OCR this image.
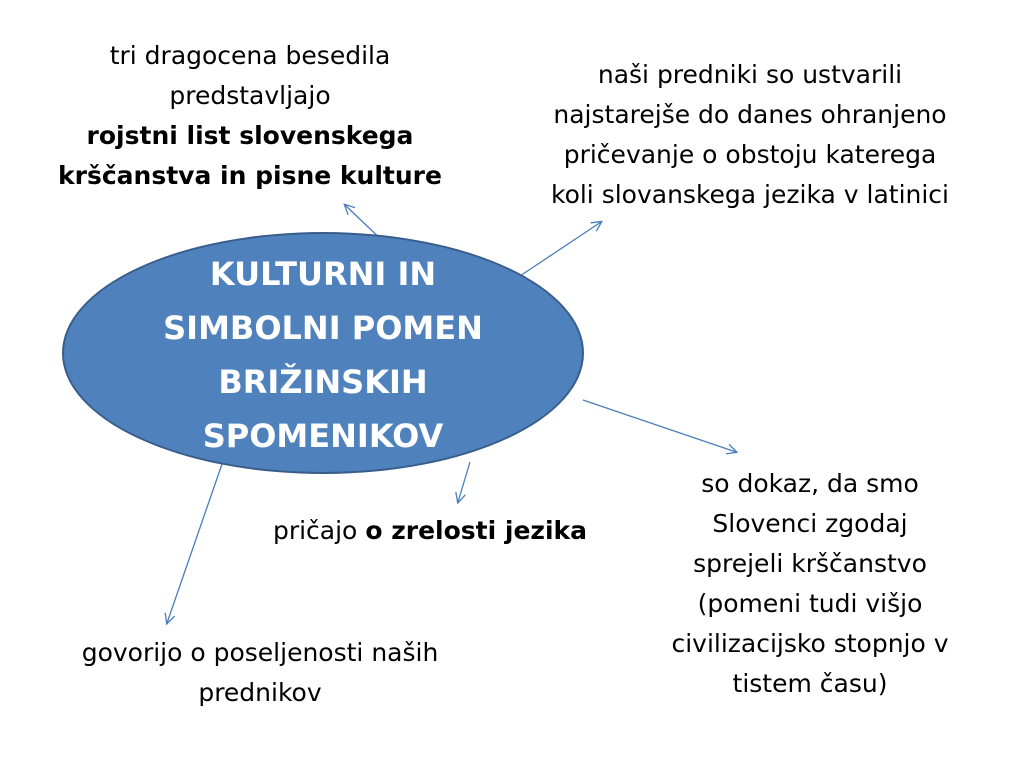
KULTURNI IN
SIMBOLNI POMEN
BRIŽINSKIH
SPOMENIKOV
tri dragocena besedila
predstavljajo
rojstni list slovenskega
krščanstva in pisne kulture
naši predniki so ustvarili
najstarejše do danes ohranjeno
pričevanje o obstoju katerega
koli slovanskega jezika v latinici
pričajo o zrelosti jezika
govorijo o poseljenosti naših
prednikov
so dokaz, da smo
Slovenci zgodaj
sprejeli krščanstvo
(pomeni tudi višjo
civilizacijsko stopnjo v
tistem času)
